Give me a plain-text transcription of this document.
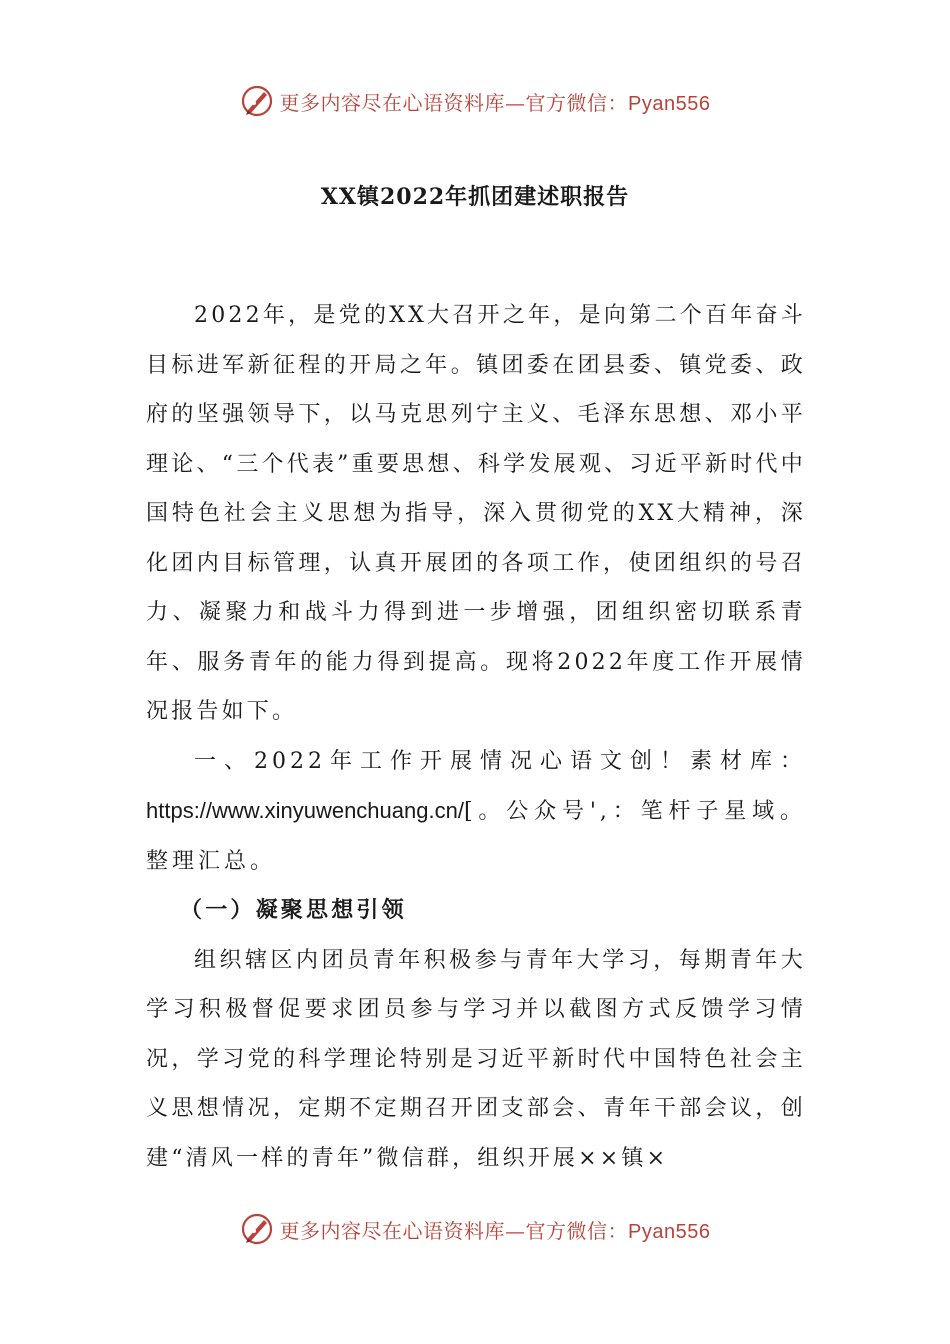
更多内容尽在心语资料库—官方微信：Pyan556
XX镇2022年抓团建述职报告

2022年，是党的XX大召开之年，是向第二个百年奋斗目标进军新征程的开局之年。镇团委在团县委、镇党委、政府的坚强领导下，以马克思列宁主义、毛泽东思想、邓小平理论、“三个代表”重要思想、科学发展观、习近平新时代中国特色社会主义思想为指导，深入贯彻党的XX大精神，深化团内目标管理，认真开展团的各项工作，使团组织的号召力、凝聚力和战斗力得到进一步增强，团组织密切联系青年、服务青年的能力得到提高。现将2022年度工作开展情况报告如下。

一、2022年工作开展情况心语文创！素材库：https://www.xinyuwenchuang.cn/[。公众号',：笔杆子星域。整理汇总。

（一）凝聚思想引领

组织辖区内团员青年积极参与青年大学习，每期青年大学习积极督促要求团员参与学习并以截图方式反馈学习情况，学习党的科学理论特别是习近平新时代中国特色社会主义思想情况，定期不定期召开团支部会、青年干部会议，创建“清风一样的青年”微信群，组织开展××镇×

更多内容尽在心语资料库—官方微信：Pyan556
